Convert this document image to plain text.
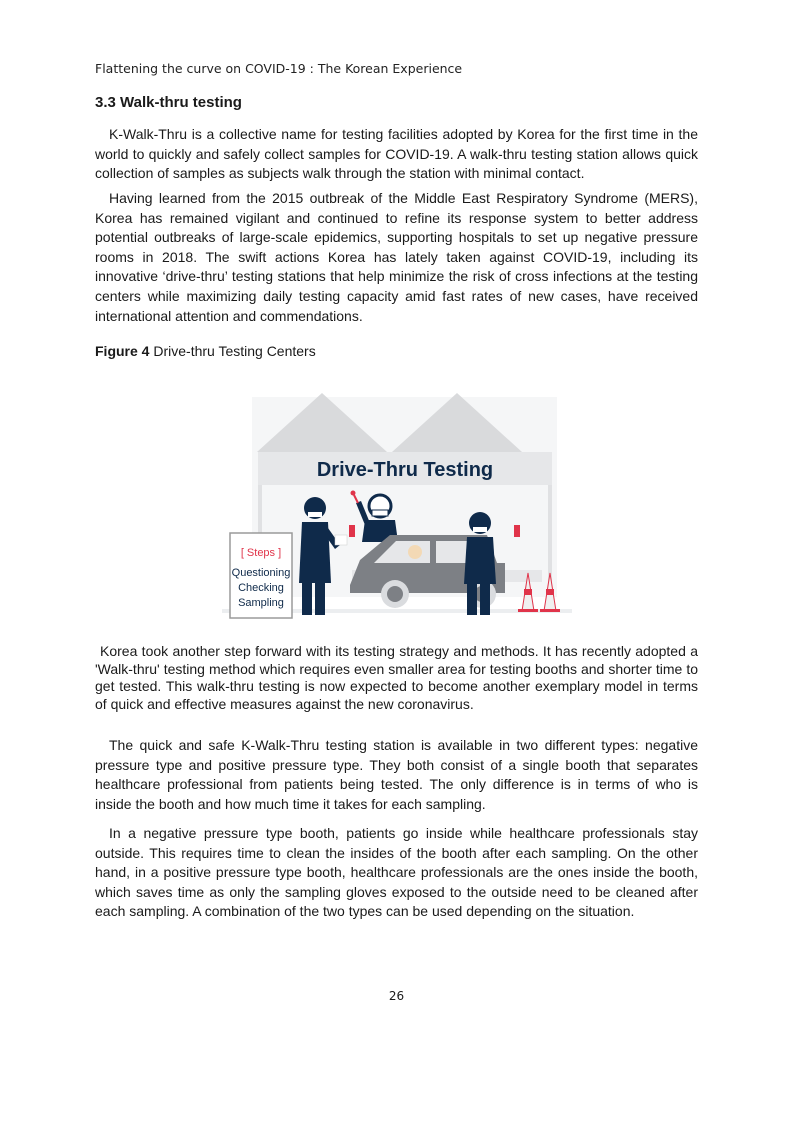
Flattening the curve on COVID-19 : The Korean Experience
3.3 Walk-thru testing

K-Walk-Thru is a collective name for testing facilities adopted by Korea for the first time in the world to quickly and safely collect samples for COVID-19. A walk-thru testing station allows quick collection of samples as subjects walk through the station with minimal contact.

Having learned from the 2015 outbreak of the Middle East Respiratory Syndrome (MERS), Korea has remained vigilant and continued to refine its response system to better address potential outbreaks of large-scale epidemics, supporting hospitals to set up negative pressure rooms in 2018. The swift actions Korea has lately taken against COVID-19, including its innovative ‘drive-thru’ testing stations that help minimize the risk of cross infections at the testing centers while maximizing daily testing capacity amid fast rates of new cases, have received international attention and commendations.

Figure 4 Drive-thru Testing Centers

Drive-Thru Testing
[ Steps ]
Questioning
Checking
Sampling

Korea took another step forward with its testing strategy and methods. It has recently adopted a 'Walk-thru' testing method which requires even smaller area for testing booths and shorter time to get tested. This walk-thru testing is now expected to become another exemplary model in terms of quick and effective measures against the new coronavirus.

The quick and safe K-Walk-Thru testing station is available in two different types: negative pressure type and positive pressure type. They both consist of a single booth that separates healthcare professional from patients being tested. The only difference is in terms of who is inside the booth and how much time it takes for each sampling.

In a negative pressure type booth, patients go inside while healthcare professionals stay outside. This requires time to clean the insides of the booth after each sampling. On the other hand, in a positive pressure type booth, healthcare professionals are the ones inside the booth, which saves time as only the sampling gloves exposed to the outside need to be cleaned after each sampling. A combination of the two types can be used depending on the situation.

26
